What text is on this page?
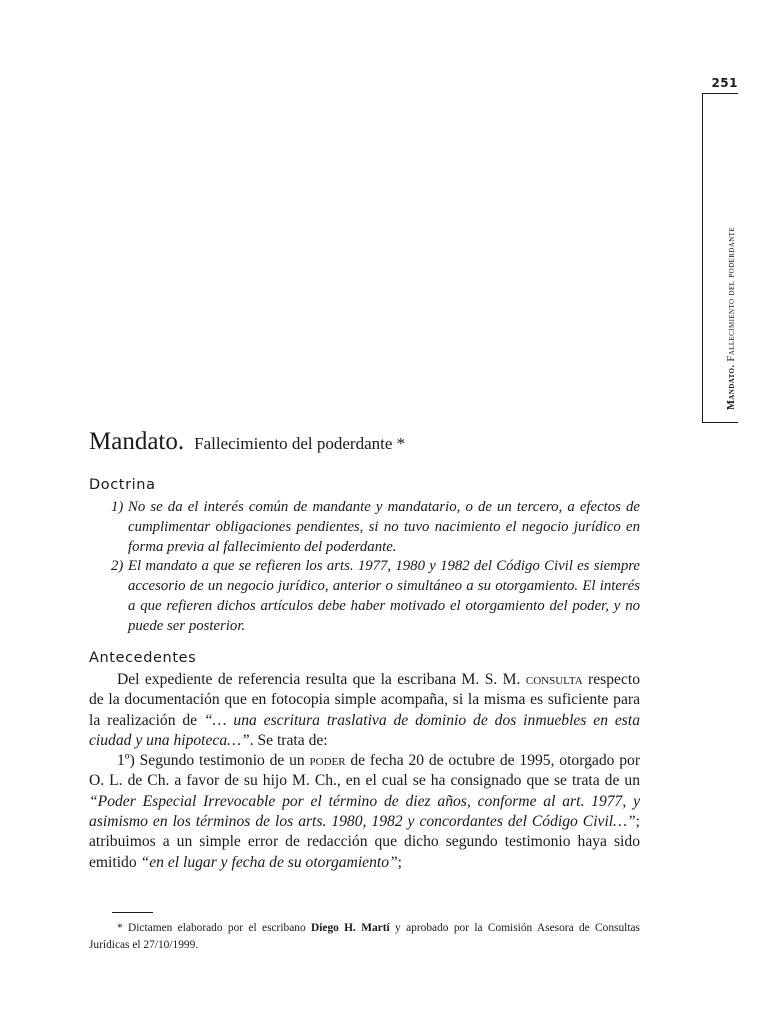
251
Mandato. Fallecimiento del poderdante
Mandato. Fallecimiento del poderdante *
Doctrina
1) No se da el interés común de mandante y mandatario, o de un tercero, a efectos de cumplimentar obligaciones pendientes, si no tuvo nacimiento el negocio jurídico en forma previa al fallecimiento del poderdante.
2) El mandato a que se refieren los arts. 1977, 1980 y 1982 del Código Civil es siempre accesorio de un negocio jurídico, anterior o simultáneo a su otorgamiento. El interés a que refieren dichos artículos debe haber motivado el otorgamiento del poder, y no puede ser posterior.
Antecedentes

Del expediente de referencia resulta que la escribana M. S. M. consulta respecto de la documentación que en fotocopia simple acompaña, si la misma es suficiente para la realización de “… una escritura traslativa de dominio de dos inmuebles en esta ciudad y una hipoteca…”. Se trata de:

1º) Segundo testimonio de un poder de fecha 20 de octubre de 1995, otorgado por O. L. de Ch. a favor de su hijo M. Ch., en el cual se ha consignado que se trata de un “Poder Especial Irrevocable por el término de diez años, conforme al art. 1977, y asimismo en los términos de los arts. 1980, 1982 y concordantes del Código Civil…”; atribuimos a un simple error de redacción que dicho segundo testimonio haya sido emitido “en el lugar y fecha de su otorgamiento”;

* Dictamen elaborado por el escribano Diego H. Martí y aprobado por la Comisión Asesora de Consultas Jurídicas el 27/10/1999.
